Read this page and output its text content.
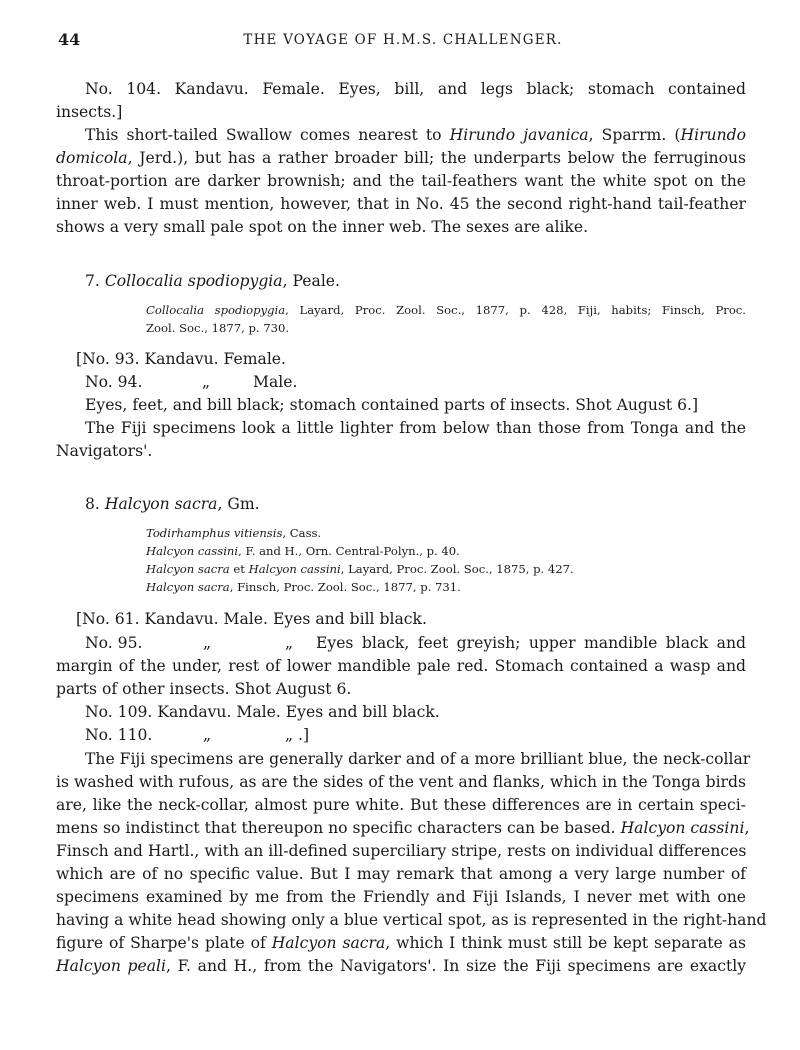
44	THE VOYAGE OF H.M.S. CHALLENGER.
No. 104. Kandavu. Female. Eyes, bill, and legs black; stomach contained
insects.]
This short-tailed Swallow comes nearest to Hirundo javanica, Sparrm. (Hirundo
domicola, Jerd.), but has a rather broader bill; the underparts below the ferruginous
throat-portion are darker brownish; and the tail-feathers want the white spot on the
inner web. I must mention, however, that in No. 45 the second right-hand tail-feather
shows a very small pale spot on the inner web. The sexes are alike.
7. Collocalia spodiopygia, Peale.
Collocalia spodiopygia, Layard, Proc. Zool. Soc., 1877, p. 428, Fiji, habits; Finsch, Proc.
Zool. Soc., 1877, p. 730.
[No. 93. Kandavu. Female.
No. 94.	„	Male.
Eyes, feet, and bill black; stomach contained parts of insects. Shot August 6.]
The Fiji specimens look a little lighter from below than those from Tonga and the
Navigators'.
8. Halcyon sacra, Gm.
Todirhamphus vitiensis, Cass.
Halcyon cassini, F. and H., Orn. Central-Polyn., p. 40.
Halcyon sacra et Halcyon cassini, Layard, Proc. Zool. Soc., 1875, p. 427.
Halcyon sacra, Finsch, Proc. Zool. Soc., 1877, p. 731.
[No. 61. Kandavu. Male. Eyes and bill black.
No. 95.	„	„ Eyes black, feet greyish; upper mandible black and
margin of the under, rest of lower mandible pale red. Stomach contained a wasp and
parts of other insects. Shot August 6.
No. 109. Kandavu. Male. Eyes and bill black.
No. 110.	„	„ .]
The Fiji specimens are generally darker and of a more brilliant blue, the neck-collar
is washed with rufous, as are the sides of the vent and flanks, which in the Tonga birds
are, like the neck-collar, almost pure white. But these differences are in certain speci-
mens so indistinct that thereupon no specific characters can be based. Halcyon cassini,
Finsch and Hartl., with an ill-defined superciliary stripe, rests on individual differences
which are of no specific value. But I may remark that among a very large number of
specimens examined by me from the Friendly and Fiji Islands, I never met with one
having a white head showing only a blue vertical spot, as is represented in the right-hand
figure of Sharpe's plate of Halcyon sacra, which I think must still be kept separate as
Halcyon peali, F. and H., from the Navigators'. In size the Fiji specimens are exactly
